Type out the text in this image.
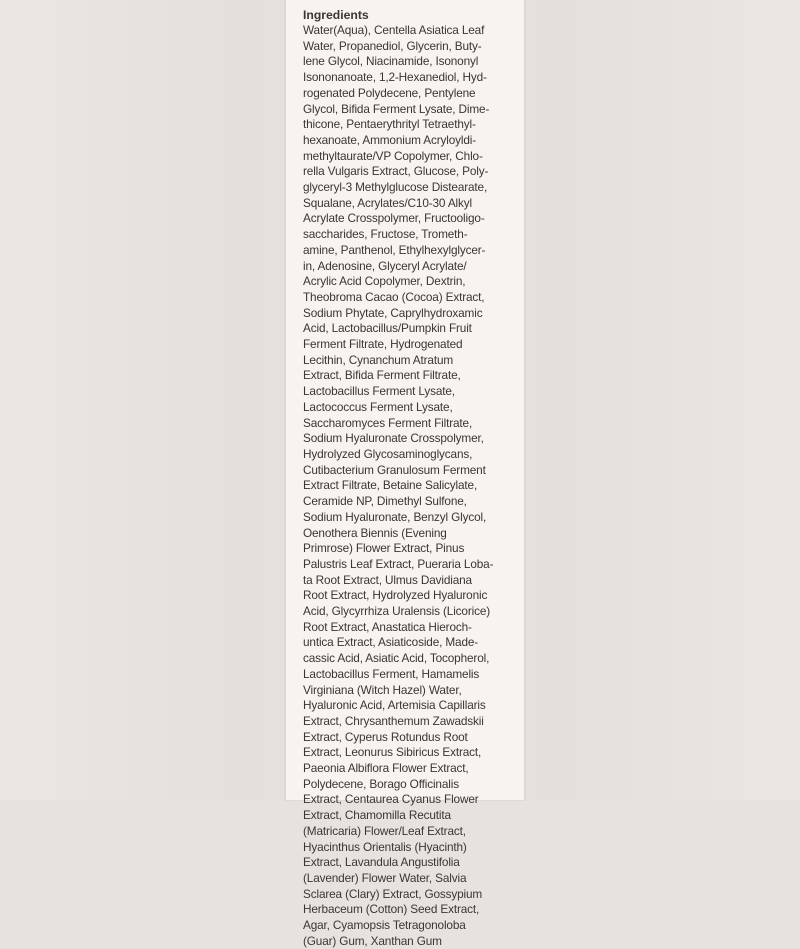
Ingredients
Water(Aqua), Centella Asiatica Leaf
Water, Propanediol, Glycerin, Buty-
lene Glycol, Niacinamide, Isononyl
Isononanoate, 1,2-Hexanediol, Hyd-
rogenated Polydecene, Pentylene
Glycol, Bifida Ferment Lysate, Dime-
thicone, Pentaerythrityl Tetraethyl-
hexanoate, Ammonium Acryloyldi-
methyltaurate/VP Copolymer, Chlo-
rella Vulgaris Extract, Glucose, Poly-
glyceryl-3 Methylglucose Distearate,
Squalane, Acrylates/C10-30 Alkyl
Acrylate Crosspolymer, Fructooligo-
saccharides, Fructose, Trometh-
amine, Panthenol, Ethylhexylglycer-
in, Adenosine, Glyceryl Acrylate/
Acrylic Acid Copolymer, Dextrin,
Theobroma Cacao (Cocoa) Extract,
Sodium Phytate, Caprylhydroxamic
Acid, Lactobacillus/Pumpkin Fruit
Ferment Filtrate, Hydrogenated
Lecithin, Cynanchum Atratum
Extract, Bifida Ferment Filtrate,
Lactobacillus Ferment Lysate,
Lactococcus Ferment Lysate,
Saccharomyces Ferment Filtrate,
Sodium Hyaluronate Crosspolymer,
Hydrolyzed Glycosaminoglycans,
Cutibacterium Granulosum Ferment
Extract Filtrate, Betaine Salicylate,
Ceramide NP, Dimethyl Sulfone,
Sodium Hyaluronate, Benzyl Glycol,
Oenothera Biennis (Evening
Primrose) Flower Extract, Pinus
Palustris Leaf Extract, Pueraria Loba-
ta Root Extract, Ulmus Davidiana
Root Extract, Hydrolyzed Hyaluronic
Acid, Glycyrrhiza Uralensis (Licorice)
Root Extract, Anastatica Hieroch-
untica Extract, Asiaticoside, Made-
cassic Acid, Asiatic Acid, Tocopherol,
Lactobacillus Ferment, Hamamelis
Virginiana (Witch Hazel) Water,
Hyaluronic Acid, Artemisia Capillaris
Extract, Chrysanthemum Zawadskii
Extract, Cyperus Rotundus Root
Extract, Leonurus Sibiricus Extract,
Paeonia Albiflora Flower Extract,
Polydecene, Borago Officinalis
Extract, Centaurea Cyanus Flower
Extract, Chamomilla Recutita
(Matricaria) Flower/Leaf Extract,
Hyacinthus Orientalis (Hyacinth)
Extract, Lavandula Angustifolia
(Lavender) Flower Water, Salvia
Sclarea (Clary) Extract, Gossypium
Herbaceum (Cotton) Seed Extract,
Agar, Cyamopsis Tetragonoloba
(Guar) Gum, Xanthan Gum
